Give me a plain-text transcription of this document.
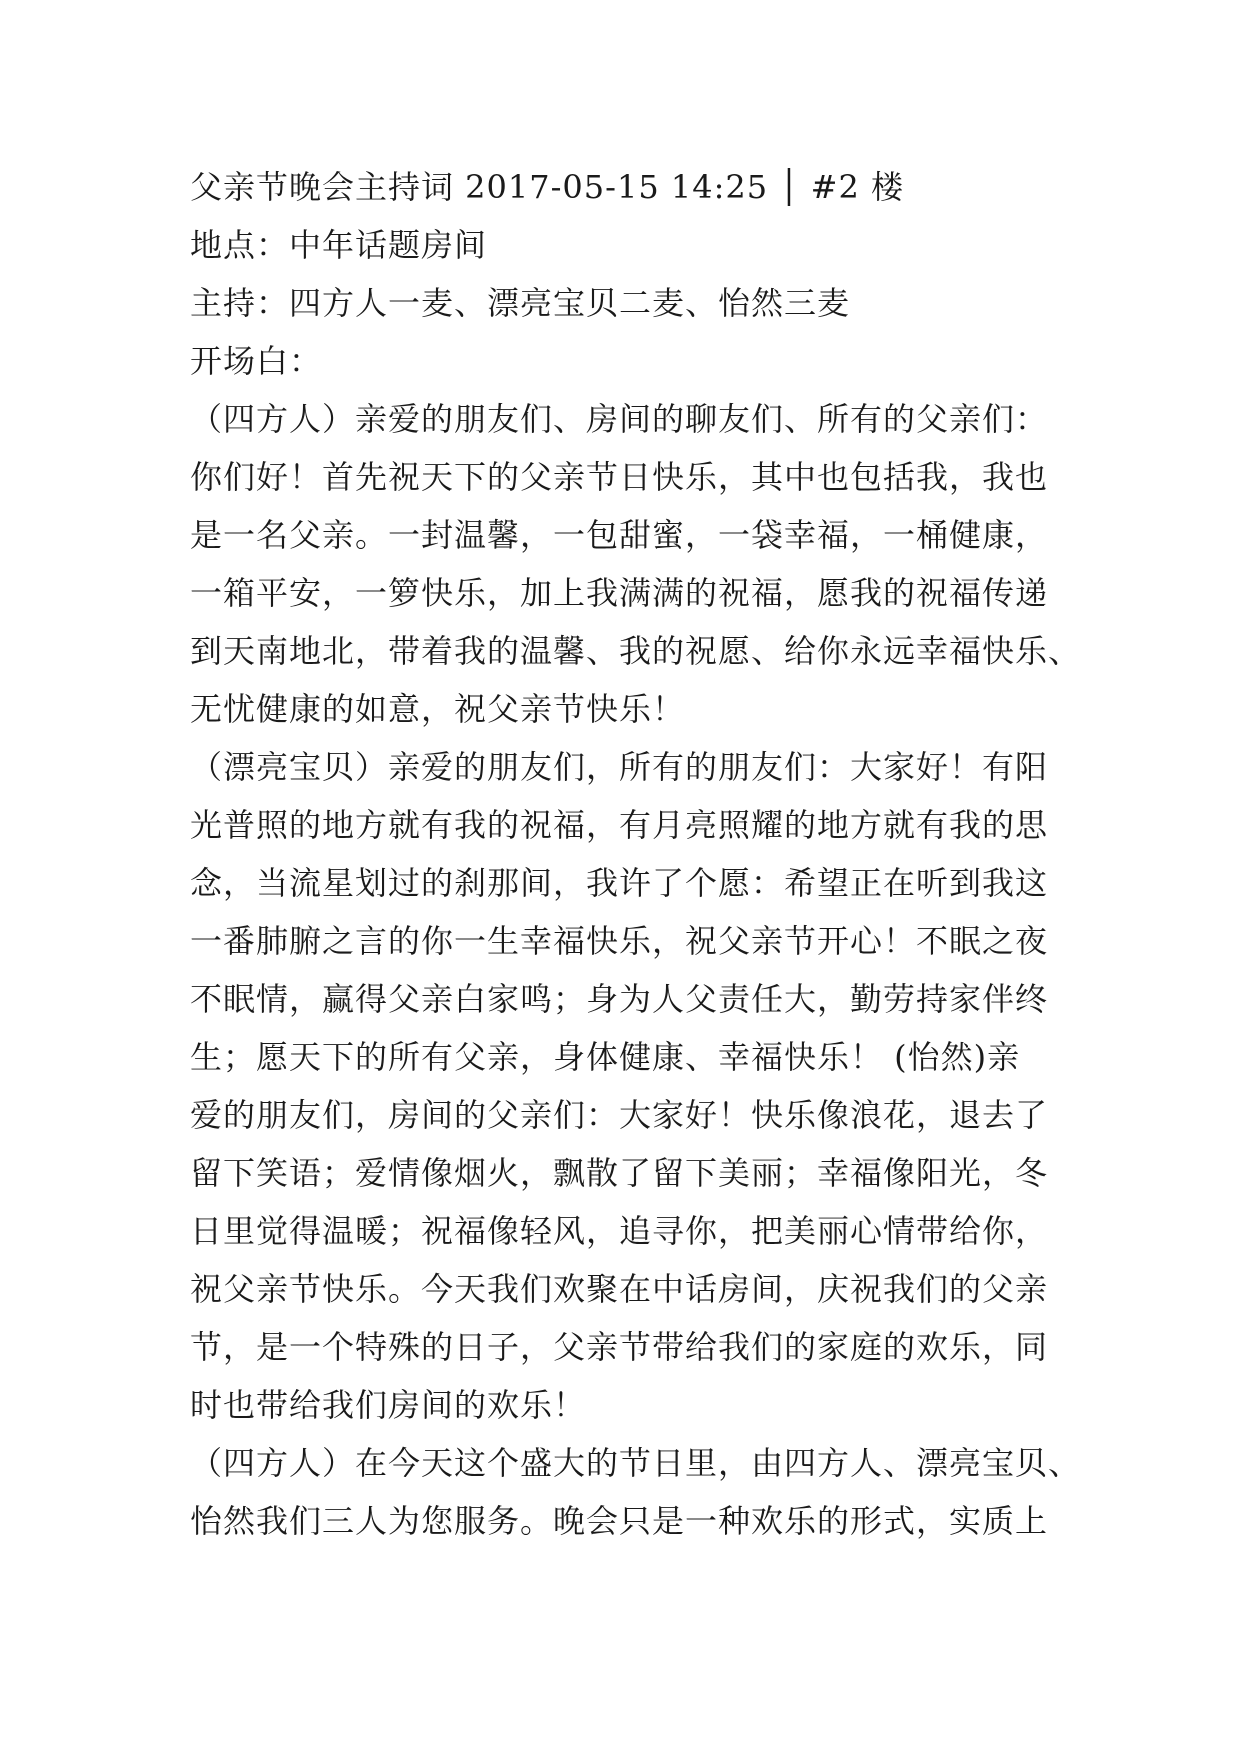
父亲节晚会主持词 2017-05-15 14:25 │ #2 楼
地点：中年话题房间
主持：四方人一麦、漂亮宝贝二麦、怡然三麦
开场白：
（四方人）亲爱的朋友们、房间的聊友们、所有的父亲们：
你们好！首先祝天下的父亲节日快乐，其中也包括我，我也
是一名父亲。一封温馨，一包甜蜜，一袋幸福，一桶健康，
一箱平安，一箩快乐，加上我满满的祝福，愿我的祝福传递
到天南地北，带着我的温馨、我的祝愿、给你永远幸福快乐、
无忧健康的如意，祝父亲节快乐！
（漂亮宝贝）亲爱的朋友们，所有的朋友们：大家好！有阳
光普照的地方就有我的祝福，有月亮照耀的地方就有我的思
念，当流星划过的刹那间，我许了个愿：希望正在听到我这
一番肺腑之言的你一生幸福快乐，祝父亲节开心！不眠之夜
不眠情，赢得父亲白家鸣；身为人父责任大，勤劳持家伴终
生；愿天下的所有父亲，身体健康、幸福快乐！ (怡然)亲
爱的朋友们，房间的父亲们：大家好！快乐像浪花，退去了
留下笑语；爱情像烟火，飘散了留下美丽；幸福像阳光，冬
日里觉得温暖；祝福像轻风，追寻你，把美丽心情带给你，
祝父亲节快乐。今天我们欢聚在中话房间，庆祝我们的父亲
节，是一个特殊的日子，父亲节带给我们的家庭的欢乐，同
时也带给我们房间的欢乐！
（四方人）在今天这个盛大的节日里，由四方人、漂亮宝贝、
怡然我们三人为您服务。晚会只是一种欢乐的形式，实质上
